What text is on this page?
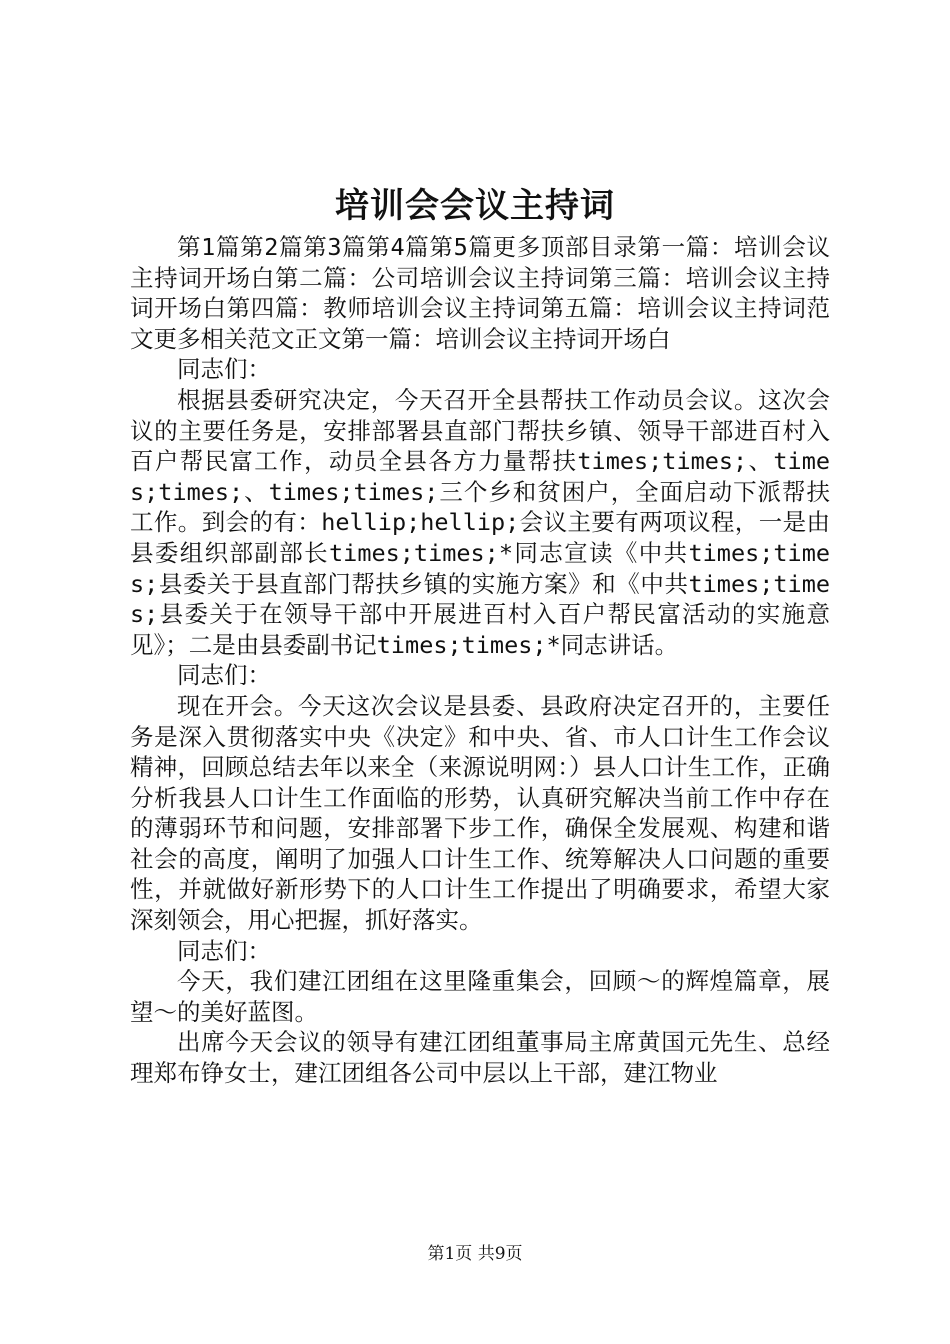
培训会会议主持词

第1篇第2篇第3篇第4篇第5篇更多顶部目录第一篇：培训会议主持词开场白第二篇：公司培训会议主持词第三篇：培训会议主持词开场白第四篇：教师培训会议主持词第五篇：培训会议主持词范文更多相关范文正文第一篇：培训会议主持词开场白

同志们：

根据县委研究决定，今天召开全县帮扶工作动员会议。这次会议的主要任务是，安排部署县直部门帮扶乡镇、领导干部进百村入百户帮民富工作，动员全县各方力量帮扶times;times;、times;times;、times;times;三个乡和贫困户，全面启动下派帮扶工作。到会的有：hellip;hellip;会议主要有两项议程，一是由县委组织部副部长times;times;*同志宣读《中共times;times;县委关于县直部门帮扶乡镇的实施方案》和《中共times;times;县委关于在领导干部中开展进百村入百户帮民富活动的实施意见》；二是由县委副书记times;times;*同志讲话。

同志们：

现在开会。今天这次会议是县委、县政府决定召开的，主要任务是深入贯彻落实中央《决定》和中央、省、市人口计生工作会议精神，回顾总结去年以来全（来源说明网：）县人口计生工作，正确分析我县人口计生工作面临的形势，认真研究解决当前工作中存在的薄弱环节和问题，安排部署下步工作，确保全发展观、构建和谐社会的高度，阐明了加强人口计生工作、统筹解决人口问题的重要性，并就做好新形势下的人口计生工作提出了明确要求，希望大家深刻领会，用心把握，抓好落实。

同志们：

今天，我们建江团组在这里隆重集会，回顾～的辉煌篇章，展望～的美好蓝图。

出席今天会议的领导有建江团组董事局主席黄国元先生、总经理郑布铮女士，建江团组各公司中层以上干部，建江物业

第1页 共9页
